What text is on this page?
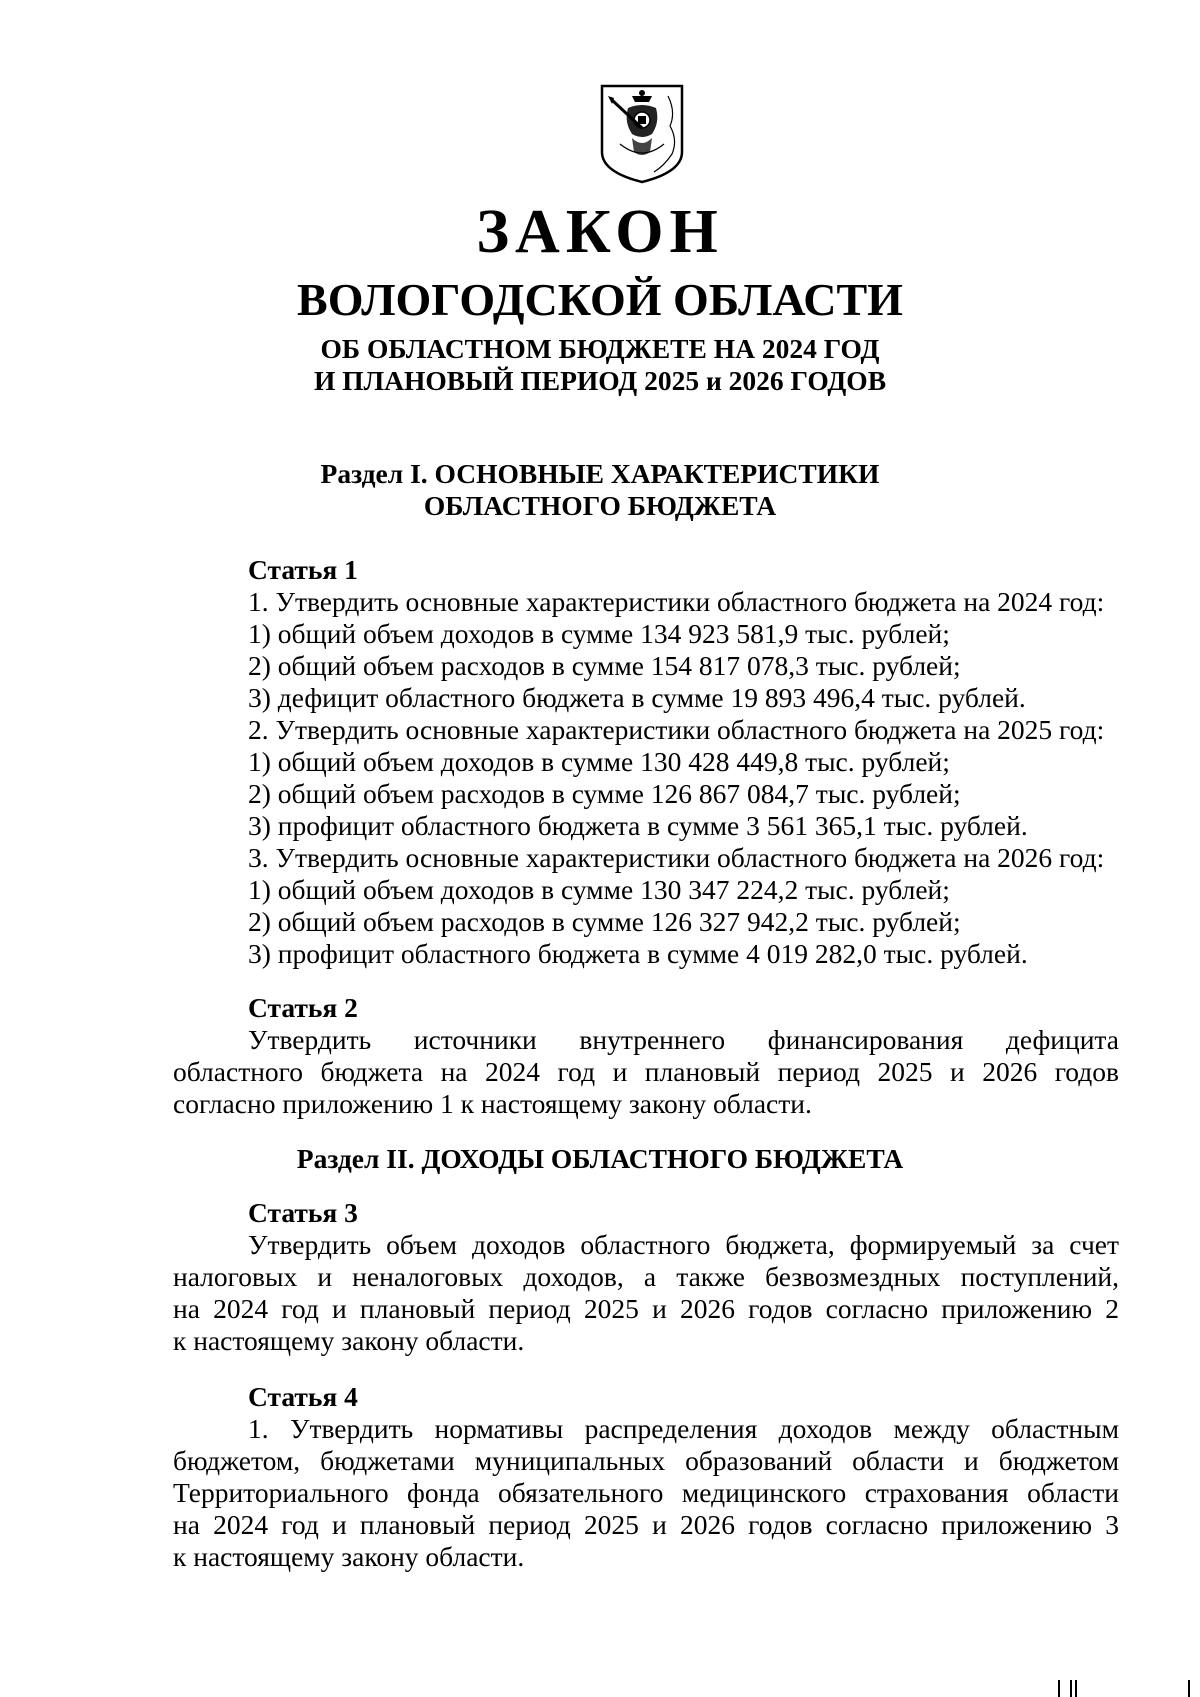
ЗАКОН
ВОЛОГОДСКОЙ ОБЛАСТИ
ОБ ОБЛАСТНОМ БЮДЖЕТЕ НА 2024 ГОД
И ПЛАНОВЫЙ ПЕРИОД 2025 и 2026 ГОДОВ
Раздел I. ОСНОВНЫЕ ХАРАКТЕРИСТИКИ
ОБЛАСТНОГО БЮДЖЕТА
Статья 1
1. Утвердить основные характеристики областного бюджета на 2024 год:
1) общий объем доходов в сумме 134 923 581,9 тыс. рублей;
2) общий объем расходов в сумме 154 817 078,3 тыс. рублей;
3) дефицит областного бюджета в сумме 19 893 496,4 тыс. рублей.
2. Утвердить основные характеристики областного бюджета на 2025 год:
1) общий объем доходов в сумме 130 428 449,8 тыс. рублей;
2) общий объем расходов в сумме 126 867 084,7 тыс. рублей;
3) профицит областного бюджета в сумме 3 561 365,1 тыс. рублей.
3. Утвердить основные характеристики областного бюджета на 2026 год:
1) общий объем доходов в сумме 130 347 224,2 тыс. рублей;
2) общий объем расходов в сумме 126 327 942,2 тыс. рублей;
3) профицит областного бюджета в сумме 4 019 282,0 тыс. рублей.
Статья 2
Утвердить источники внутреннего финансирования дефицита
областного бюджета на 2024 год и плановый период 2025 и 2026 годов
согласно приложению 1 к настоящему закону области.
Раздел II. ДОХОДЫ ОБЛАСТНОГО БЮДЖЕТА
Статья 3
Утвердить объем доходов областного бюджета, формируемый за счет
налоговых и неналоговых доходов, а также безвозмездных поступлений,
на 2024 год и плановый период 2025 и 2026 годов согласно приложению 2
к настоящему закону области.
Статья 4
1. Утвердить нормативы распределения доходов между областным
бюджетом, бюджетами муниципальных образований области и бюджетом
Территориального фонда обязательного медицинского страхования области
на 2024 год и плановый период 2025 и 2026 годов согласно приложению 3
к настоящему закону области.
